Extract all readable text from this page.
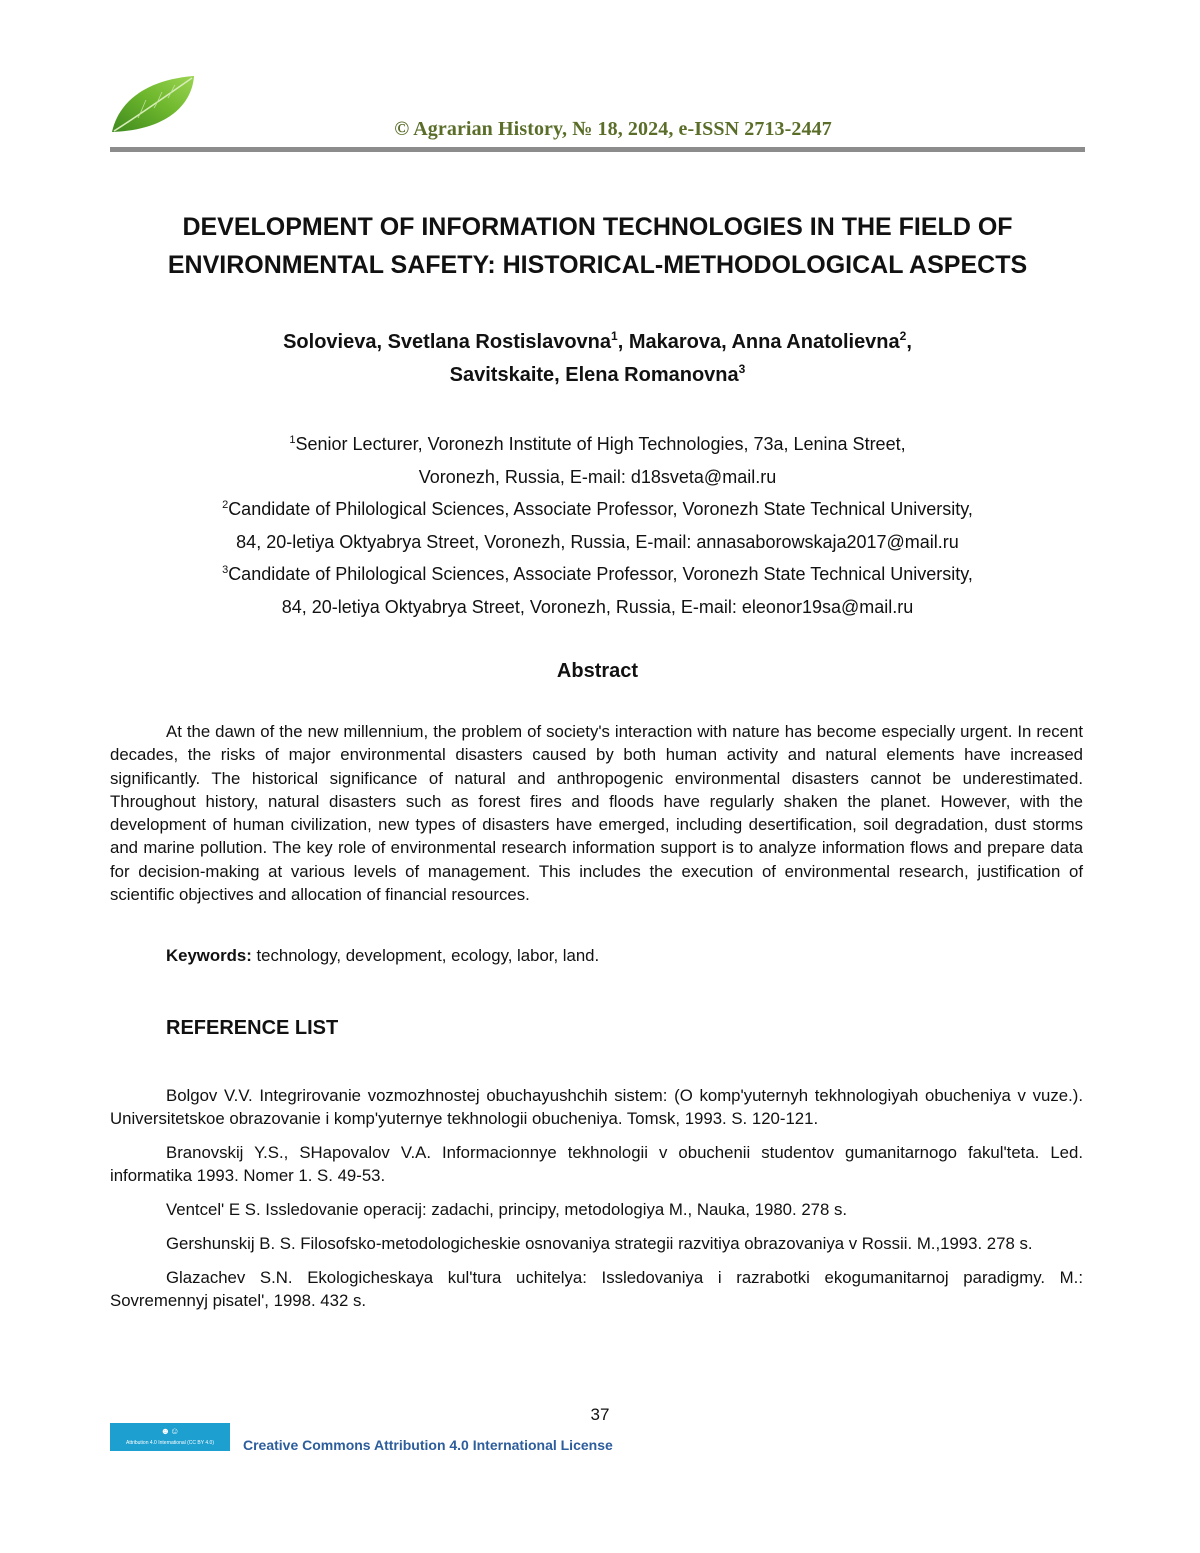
© Agrarian History, № 18, 2024, e-ISSN 2713-2447
DEVELOPMENT OF INFORMATION TECHNOLOGIES IN THE FIELD OF
ENVIRONMENTAL SAFETY: HISTORICAL-METHODOLOGICAL ASPECTS

Solovieva, Svetlana Rostislavovna$^1$, Makarova, Anna Anatolievna$^2$,
Savitskaite, Elena Romanovna$^3$

$^1$Senior Lecturer, Voronezh Institute of High Technologies, 73a, Lenina Street,
Voronezh, Russia, E-mail: d18sveta@mail.ru
$^2$Candidate of Philological Sciences, Associate Professor, Voronezh State Technical University,
84, 20-letiya Oktyabrya Street, Voronezh, Russia, E-mail: annasaborowskaja2017@mail.ru
$^3$Candidate of Philological Sciences, Associate Professor, Voronezh State Technical University,
84, 20-letiya Oktyabrya Street, Voronezh, Russia, E-mail: eleonor19sa@mail.ru
Abstract

At the dawn of the new millennium, the problem of society's interaction with nature has become especially urgent. In recent decades, the risks of major environmental disasters caused by both human activity and natural elements have increased significantly. The historical significance of natural and anthropogenic environmental disasters cannot be underestimated. Throughout history, natural disasters such as forest fires and floods have regularly shaken the planet. However, with the development of human civilization, new types of disasters have emerged, including desertification, soil degradation, dust storms and marine pollution. The key role of environmental research information support is to analyze information flows and prepare data for decision-making at various levels of management. This includes the execution of environmental research, justification of scientific objectives and allocation of financial resources.

Keywords: technology, development, ecology, labor, land.

REFERENCE LIST

Bolgov V.V. Integrirovanie vozmozhnostej obuchayushchih sistem: (O komp'yuternyh tekhnologiyah obucheniya v vuze.). Universitetskoe obrazovanie i komp'yuternye tekhnologii obucheniya. Tomsk, 1993. S. 120-121.

Branovskij Y.S., SHapovalov V.A. Informacionnye tekhnologii v obuchenii studentov gumanitarnogo fakul'teta. Led. informatika 1993. Nomer 1. S. 49-53.

Ventcel' E S. Issledovanie operacij: zadachi, principy, metodologiya M., Nauka, 1980. 278 s.

Gershunskij B. S. Filosofsko-metodologicheskie osnovaniya strategii razvitiya obrazovaniya v Rossii. M.,1993. 278 s.

Glazachev S.N. Ekologicheskaya kul'tura uchitelya: Issledovaniya i razrabotki ekogumanitarnoj paradigmy. M.: Sovremennyj pisatel', 1998. 432 s.

37
☻☺
Attribution 4.0 International (CC BY 4.0)	Creative Commons Attribution 4.0 International License
